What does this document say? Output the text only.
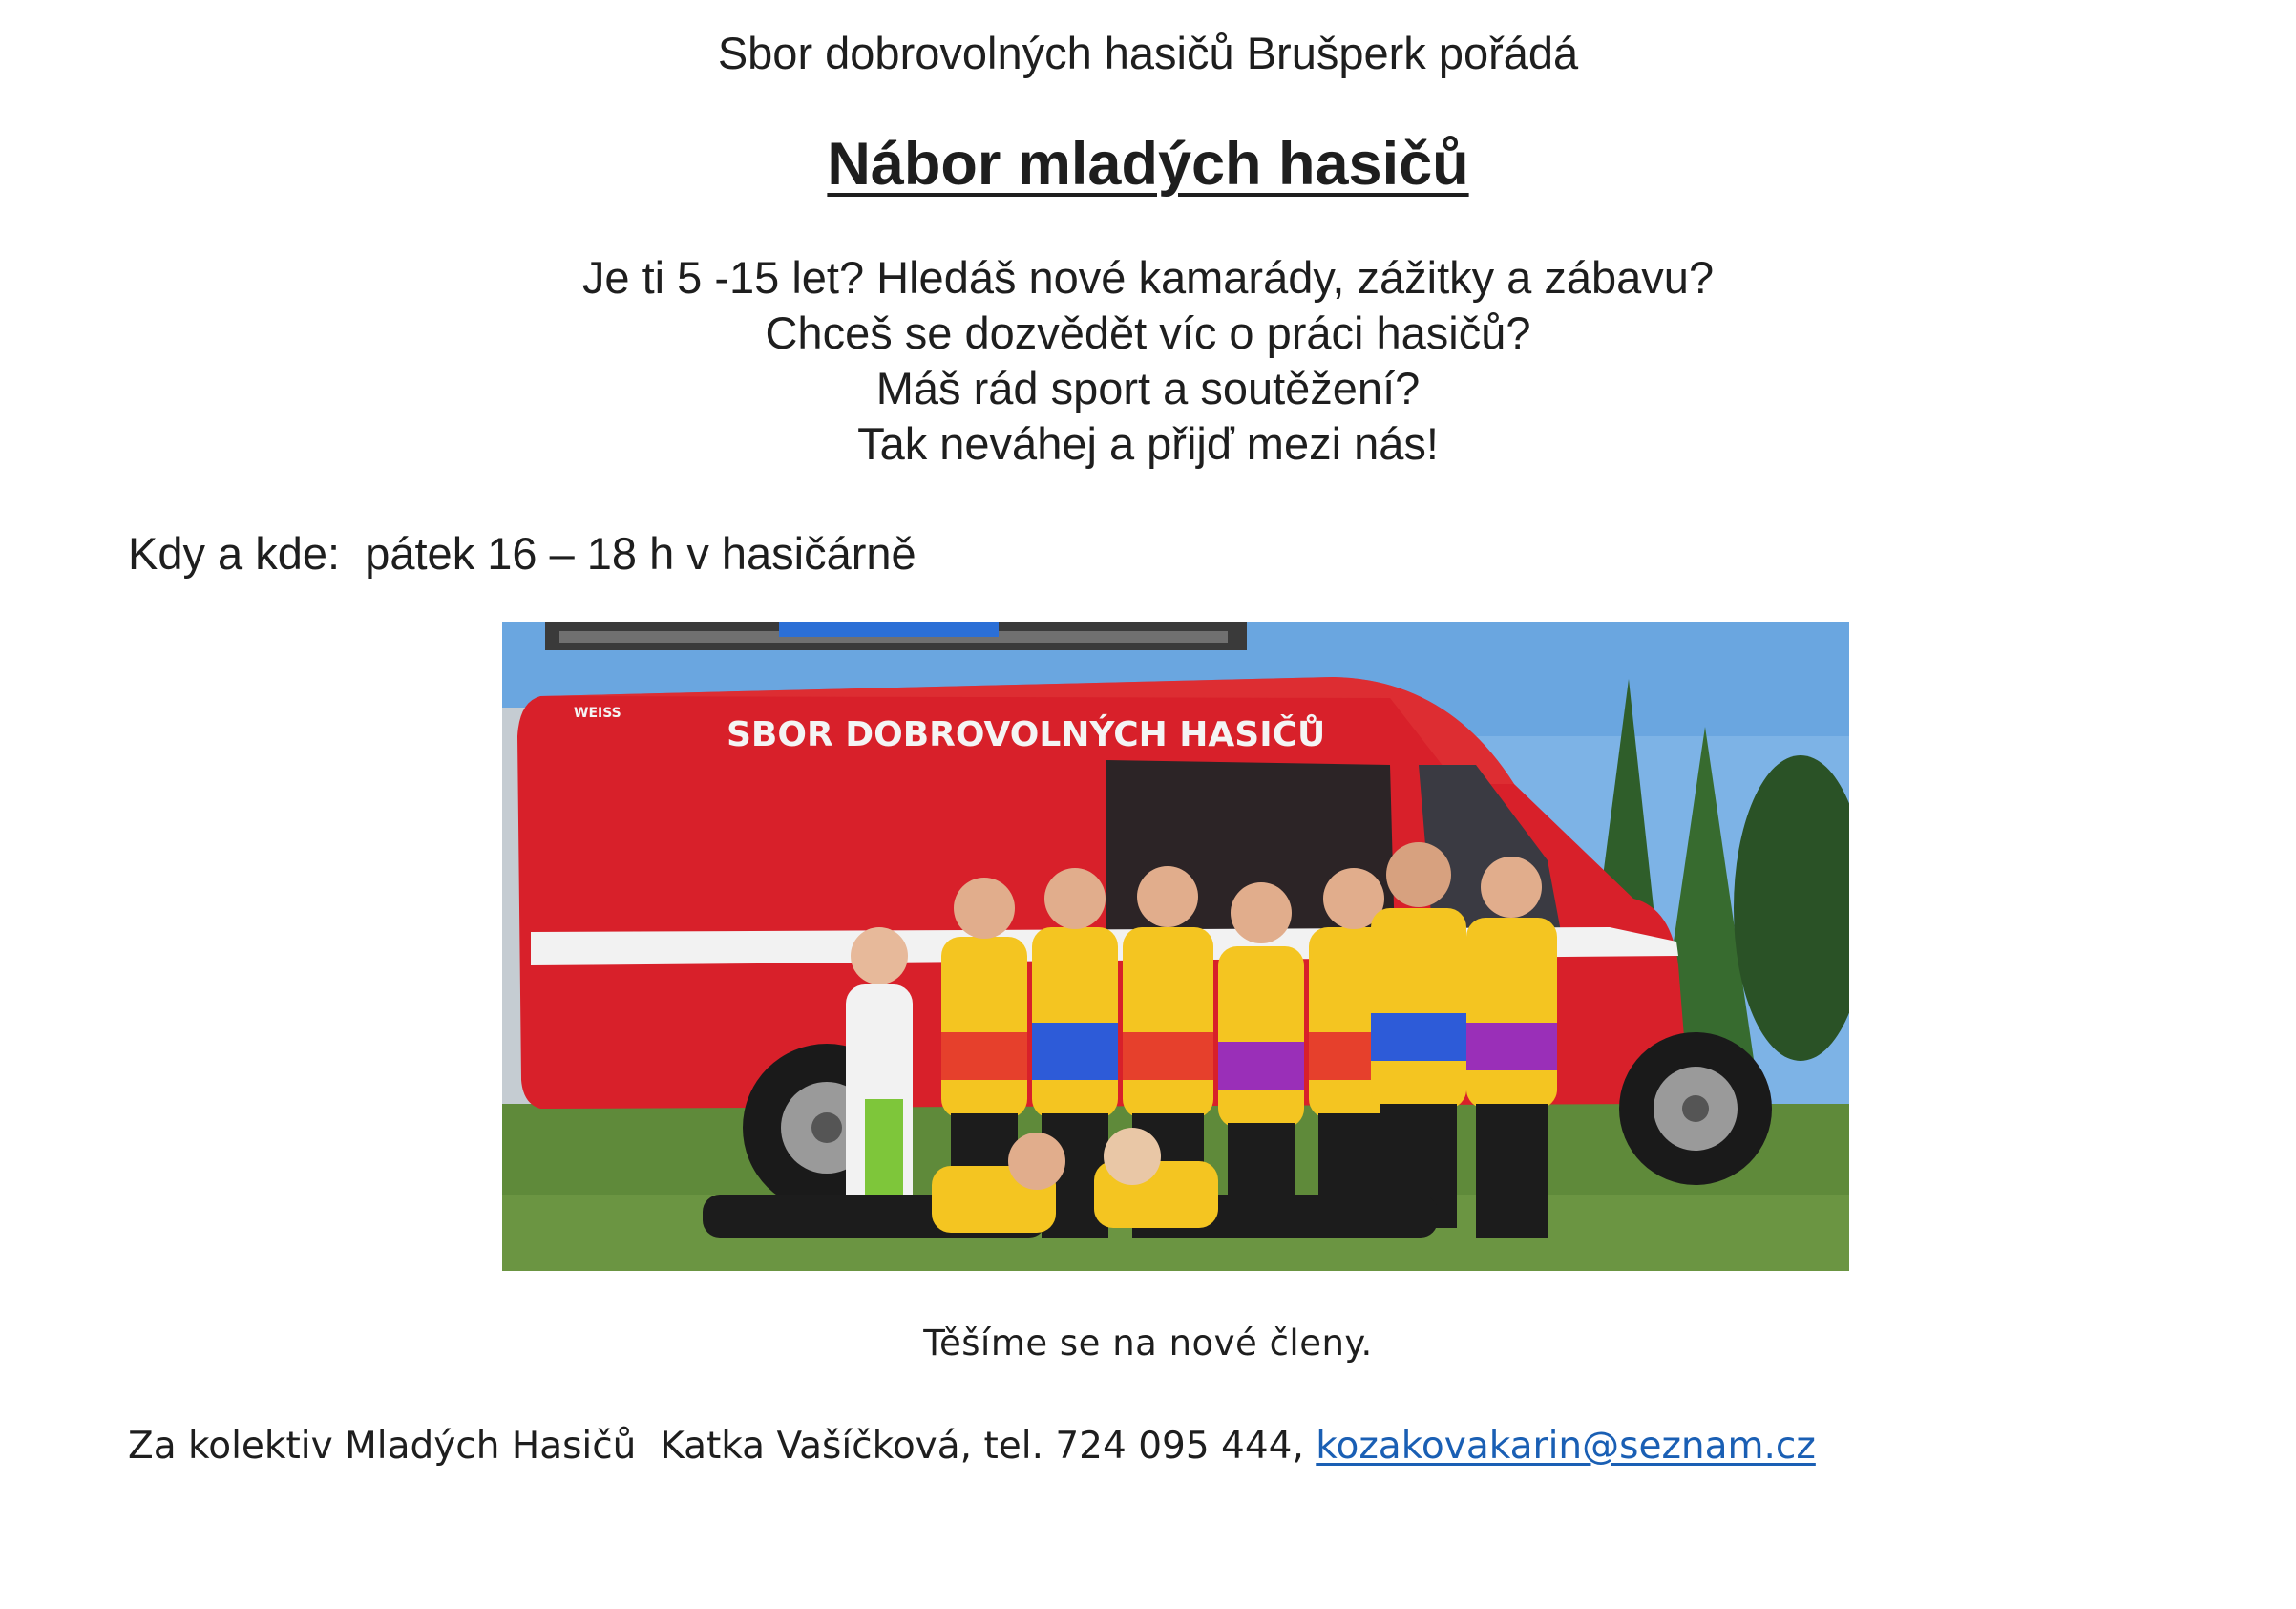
Sbor dobrovolných hasičů Brušperk pořádá
Nábor mladých hasičů
Je ti 5 -15 let? Hledáš nové kamarády, zážitky a zábavu?
Chceš se dozvědět víc o práci hasičů?
Máš rád sport a soutěžení?
Tak neváhej a přijď mezi nás!
Kdy a kde: pátek 16 – 18 h v hasičárně
SBOR DOBROVOLNÝCH HASIČŮ
WEISS
Těšíme se na nové členy.
Za kolektiv Mladých Hasičů  Katka Vašíčková, tel. 724 095 444, kozakovakarin@seznam.cz
